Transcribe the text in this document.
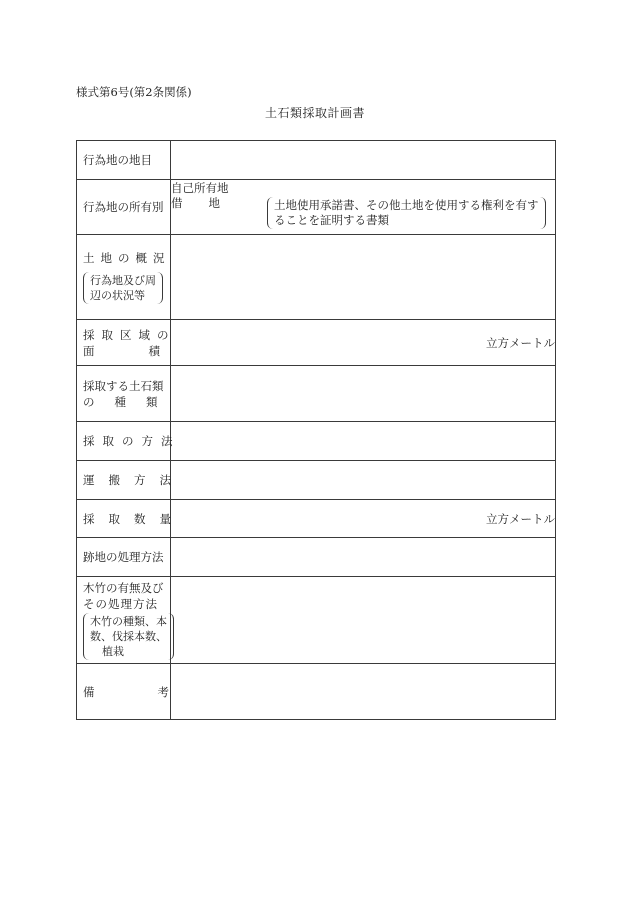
様式第6号(第2条関係)
土石類採取計画書
行為地の地目	

行為地の所有別	自己所有地
借地 土地使用承諾書、その他土地を使用する権利を有す
ることを証明する書類

土地の概況
行為地及び周
辺の状況等	

採取区域の
面積	立方メートル

採取する土石類
の種類	

採取の方法	

運搬方法	

採取数量	立方メートル

跡地の処理方法	

木竹の有無及び
その処理方法
木竹の種類、本
数、伐採本数、
植栽	

備考	
